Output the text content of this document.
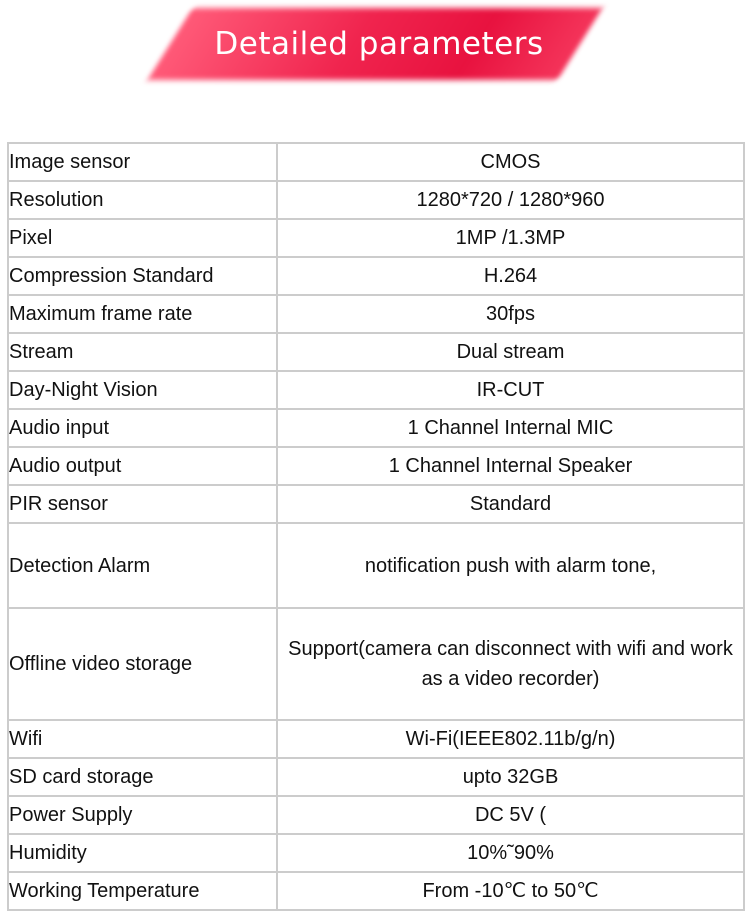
Detailed parameters
Image sensor	CMOS
Resolution	1280*720 / 1280*960
Pixel	1MP /1.3MP
Compression Standard	H.264
Maximum frame rate	30fps
Stream	Dual stream
Day-Night Vision	IR-CUT
Audio input	1 Channel Internal MIC
Audio output	1 Channel Internal Speaker
PIR sensor	Standard
Detection Alarm	notification push with alarm tone,
Offline video storage	Support(camera can disconnect with wifi and work as a video recorder)
Wifi	Wi-Fi(IEEE802.11b/g/n)
SD card storage	upto 32GB
Power Supply	DC 5V (
Humidity	10%˜90%
Working Temperature	From -10℃ to 50℃
